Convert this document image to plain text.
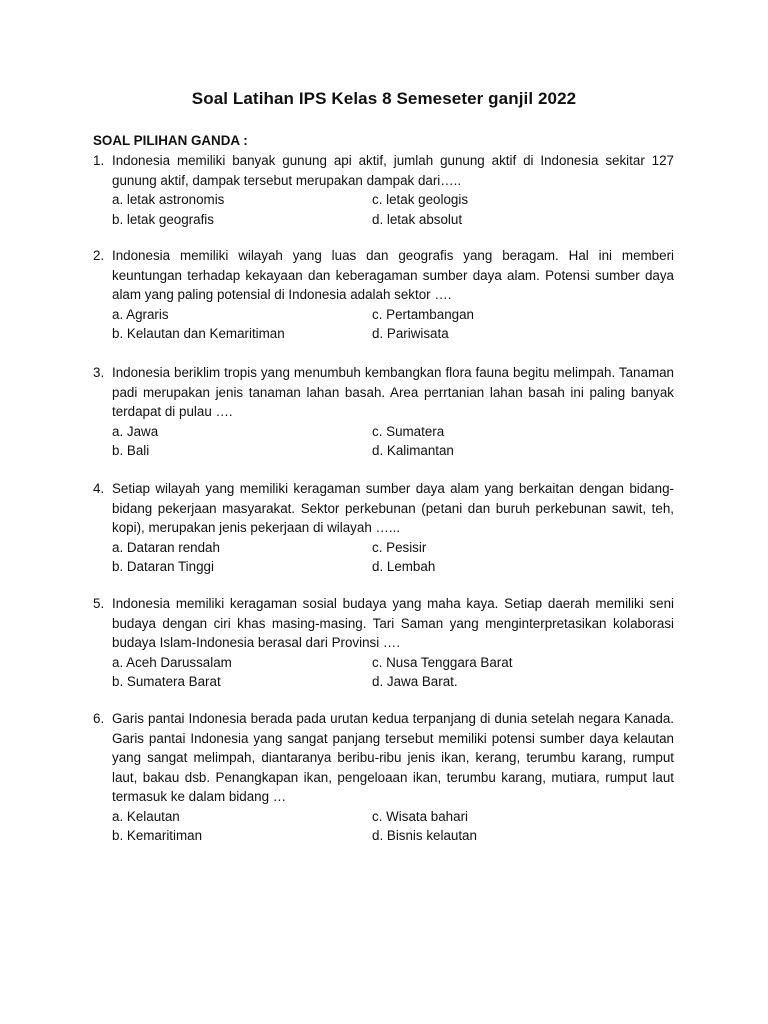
Soal Latihan IPS Kelas 8 Semeseter ganjil 2022
SOAL PILIHAN GANDA :
1. Indonesia memiliki banyak gunung api aktif, jumlah gunung aktif di Indonesia sekitar 127 gunung aktif, dampak tersebut merupakan dampak dari…..
a. letak astronomis	c. letak geologis
b. letak geografis	d. letak absolut
2. Indonesia memiliki wilayah yang luas dan geografis yang beragam. Hal ini memberi keuntungan terhadap kekayaan dan keberagaman sumber daya alam. Potensi sumber daya alam yang paling potensial di Indonesia adalah sektor ….
a. Agraris	c. Pertambangan
b. Kelautan dan Kemaritiman	d. Pariwisata
3. Indonesia beriklim tropis yang menumbuh kembangkan flora fauna begitu melimpah. Tanaman padi merupakan jenis tanaman lahan basah. Area perrtanian lahan basah ini paling banyak terdapat di pulau ….
a. Jawa	c. Sumatera
b. Bali	d. Kalimantan
4. Setiap wilayah yang memiliki keragaman sumber daya alam yang berkaitan dengan bidang-bidang pekerjaan masyarakat. Sektor perkebunan (petani dan buruh perkebunan sawit, teh, kopi), merupakan jenis pekerjaan di wilayah …...
a. Dataran rendah	c. Pesisir
b. Dataran Tinggi	d. Lembah
5. Indonesia memiliki keragaman sosial budaya yang maha kaya. Setiap daerah memiliki seni budaya dengan ciri khas masing-masing. Tari Saman yang menginterpretasikan kolaborasi budaya Islam-Indonesia berasal dari Provinsi ….
a. Aceh Darussalam	c. Nusa Tenggara Barat
b. Sumatera Barat	d. Jawa Barat.
6. Garis pantai Indonesia berada pada urutan kedua terpanjang di dunia setelah negara Kanada. Garis pantai Indonesia yang sangat panjang tersebut memiliki potensi sumber daya kelautan yang sangat melimpah, diantaranya beribu-ribu jenis ikan, kerang, terumbu karang, rumput laut, bakau dsb. Penangkapan ikan, pengeloaan ikan, terumbu karang, mutiara, rumput laut termasuk ke dalam bidang …
a. Kelautan	c. Wisata bahari
b. Kemaritiman	d. Bisnis kelautan
